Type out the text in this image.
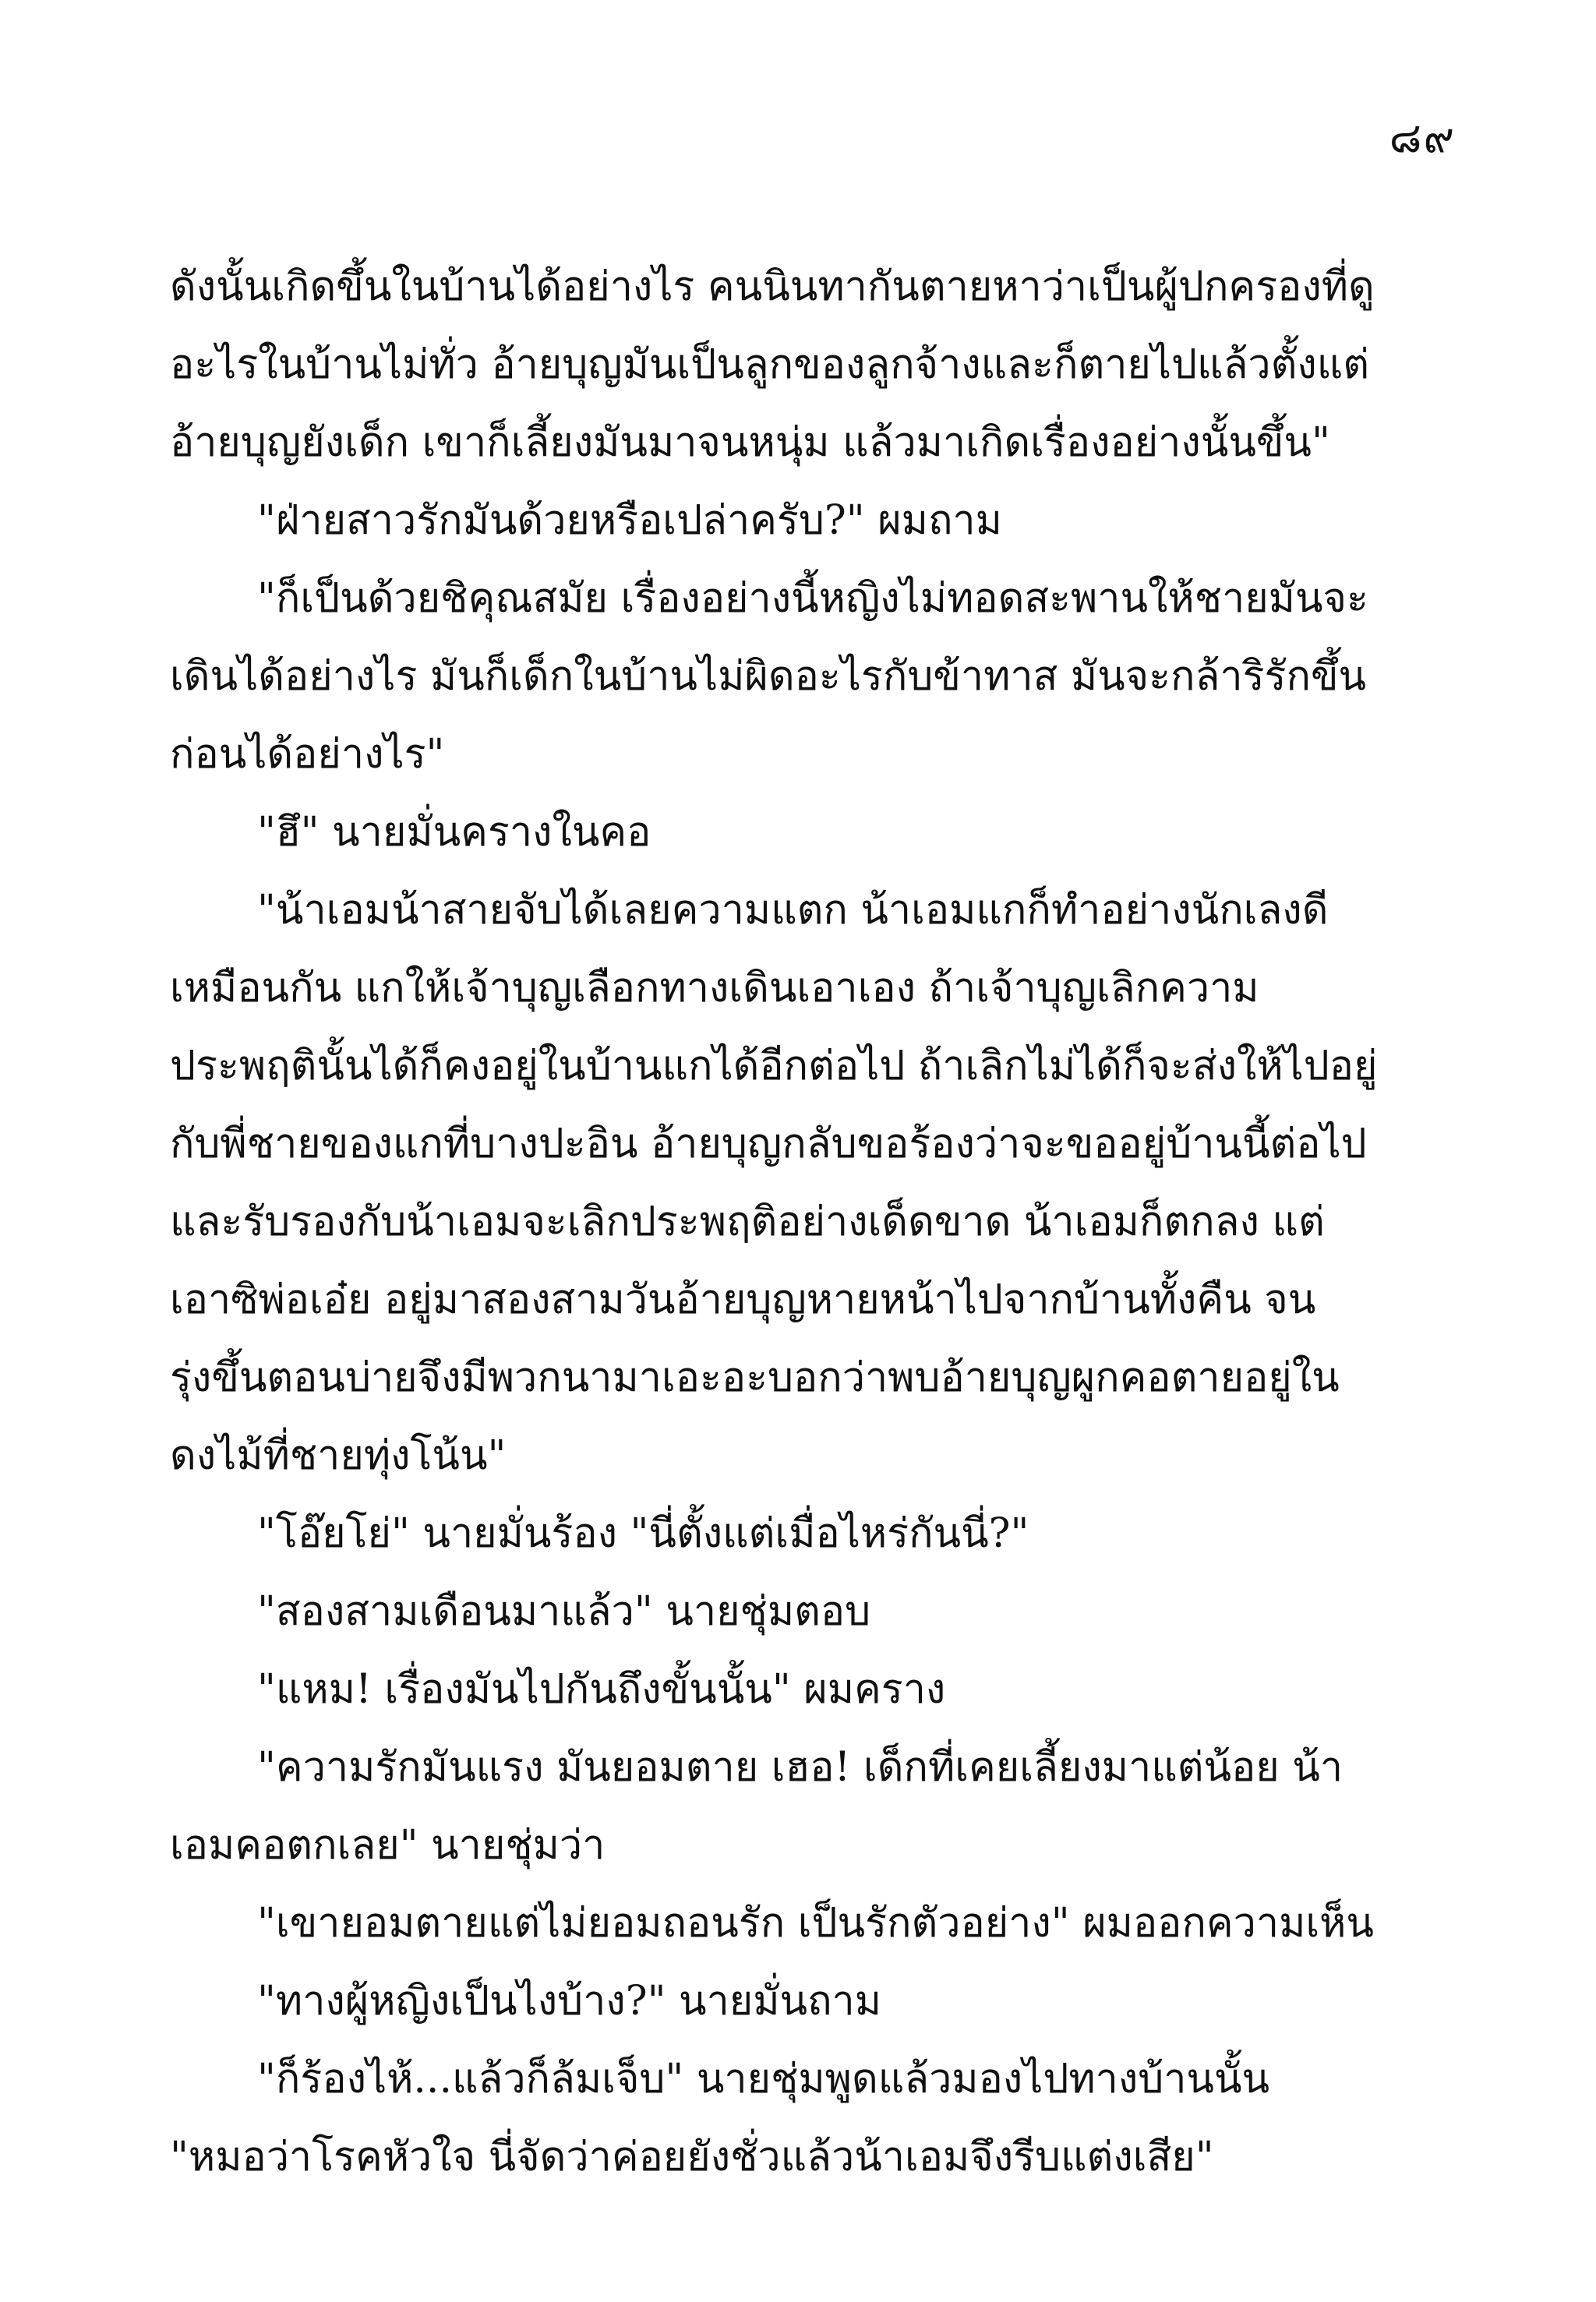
๘๙
ดังนั้นเกิดขึ้นในบ้านได้อย่างไร คนนินทากันตายหาว่าเป็นผู้ปกครองที่ดู
อะไรในบ้านไม่ทั่ว อ้ายบุญมันเป็นลูกของลูกจ้างและก็ตายไปแล้วตั้งแต่
อ้ายบุญยังเด็ก เขาก็เลี้ยงมันมาจนหนุ่ม แล้วมาเกิดเรื่องอย่างนั้นขึ้น"
"ฝ่ายสาวรักมันด้วยหรือเปล่าครับ?" ผมถาม
"ก็เป็นด้วยชิคุณสมัย เรื่องอย่างนี้หญิงไม่ทอดสะพานให้ชายมันจะ
เดินได้อย่างไร มันก็เด็กในบ้านไม่ผิดอะไรกับข้าทาส มันจะกล้าริรักขึ้น
ก่อนได้อย่างไร"
"ฮึ" นายมั่นครางในคอ
"น้าเอมน้าสายจับได้เลยความแตก น้าเอมแกก็ทำอย่างนักเลงดี
เหมือนกัน แกให้เจ้าบุญเลือกทางเดินเอาเอง ถ้าเจ้าบุญเลิกความ
ประพฤตินั้นได้ก็คงอยู่ในบ้านแกได้อีกต่อไป ถ้าเลิกไม่ได้ก็จะส่งให้ไปอยู่
กับพี่ชายของแกที่บางปะอิน อ้ายบุญกลับขอร้องว่าจะขออยู่บ้านนี้ต่อไป
และรับรองกับน้าเอมจะเลิกประพฤติอย่างเด็ดขาด น้าเอมก็ตกลง แต่
เอาซิพ่อเอ๋ย อยู่มาสองสามวันอ้ายบุญหายหน้าไปจากบ้านทั้งคืน จน
รุ่งขึ้นตอนบ่ายจึงมีพวกนามาเอะอะบอกว่าพบอ้ายบุญผูกคอตายอยู่ใน
ดงไม้ที่ชายทุ่งโน้น"
"โอ๊ยโย่" นายมั่นร้อง "นี่ตั้งแต่เมื่อไหร่กันนี่?"
"สองสามเดือนมาแล้ว" นายชุ่มตอบ
"แหม! เรื่องมันไปกันถึงขั้นนั้น" ผมคราง
"ความรักมันแรง มันยอมตาย เฮอ! เด็กที่เคยเลี้ยงมาแต่น้อย น้า
เอมคอตกเลย" นายชุ่มว่า
"เขายอมตายแต่ไม่ยอมถอนรัก เป็นรักตัวอย่าง" ผมออกความเห็น
"ทางผู้หญิงเป็นไงบ้าง?" นายมั่นถาม
"ก็ร้องไห้...แล้วก็ล้มเจ็บ" นายชุ่มพูดแล้วมองไปทางบ้านนั้น
"หมอว่าโรคหัวใจ นี่จัดว่าค่อยยังชั่วแล้วน้าเอมจึงรีบแต่งเสีย"
